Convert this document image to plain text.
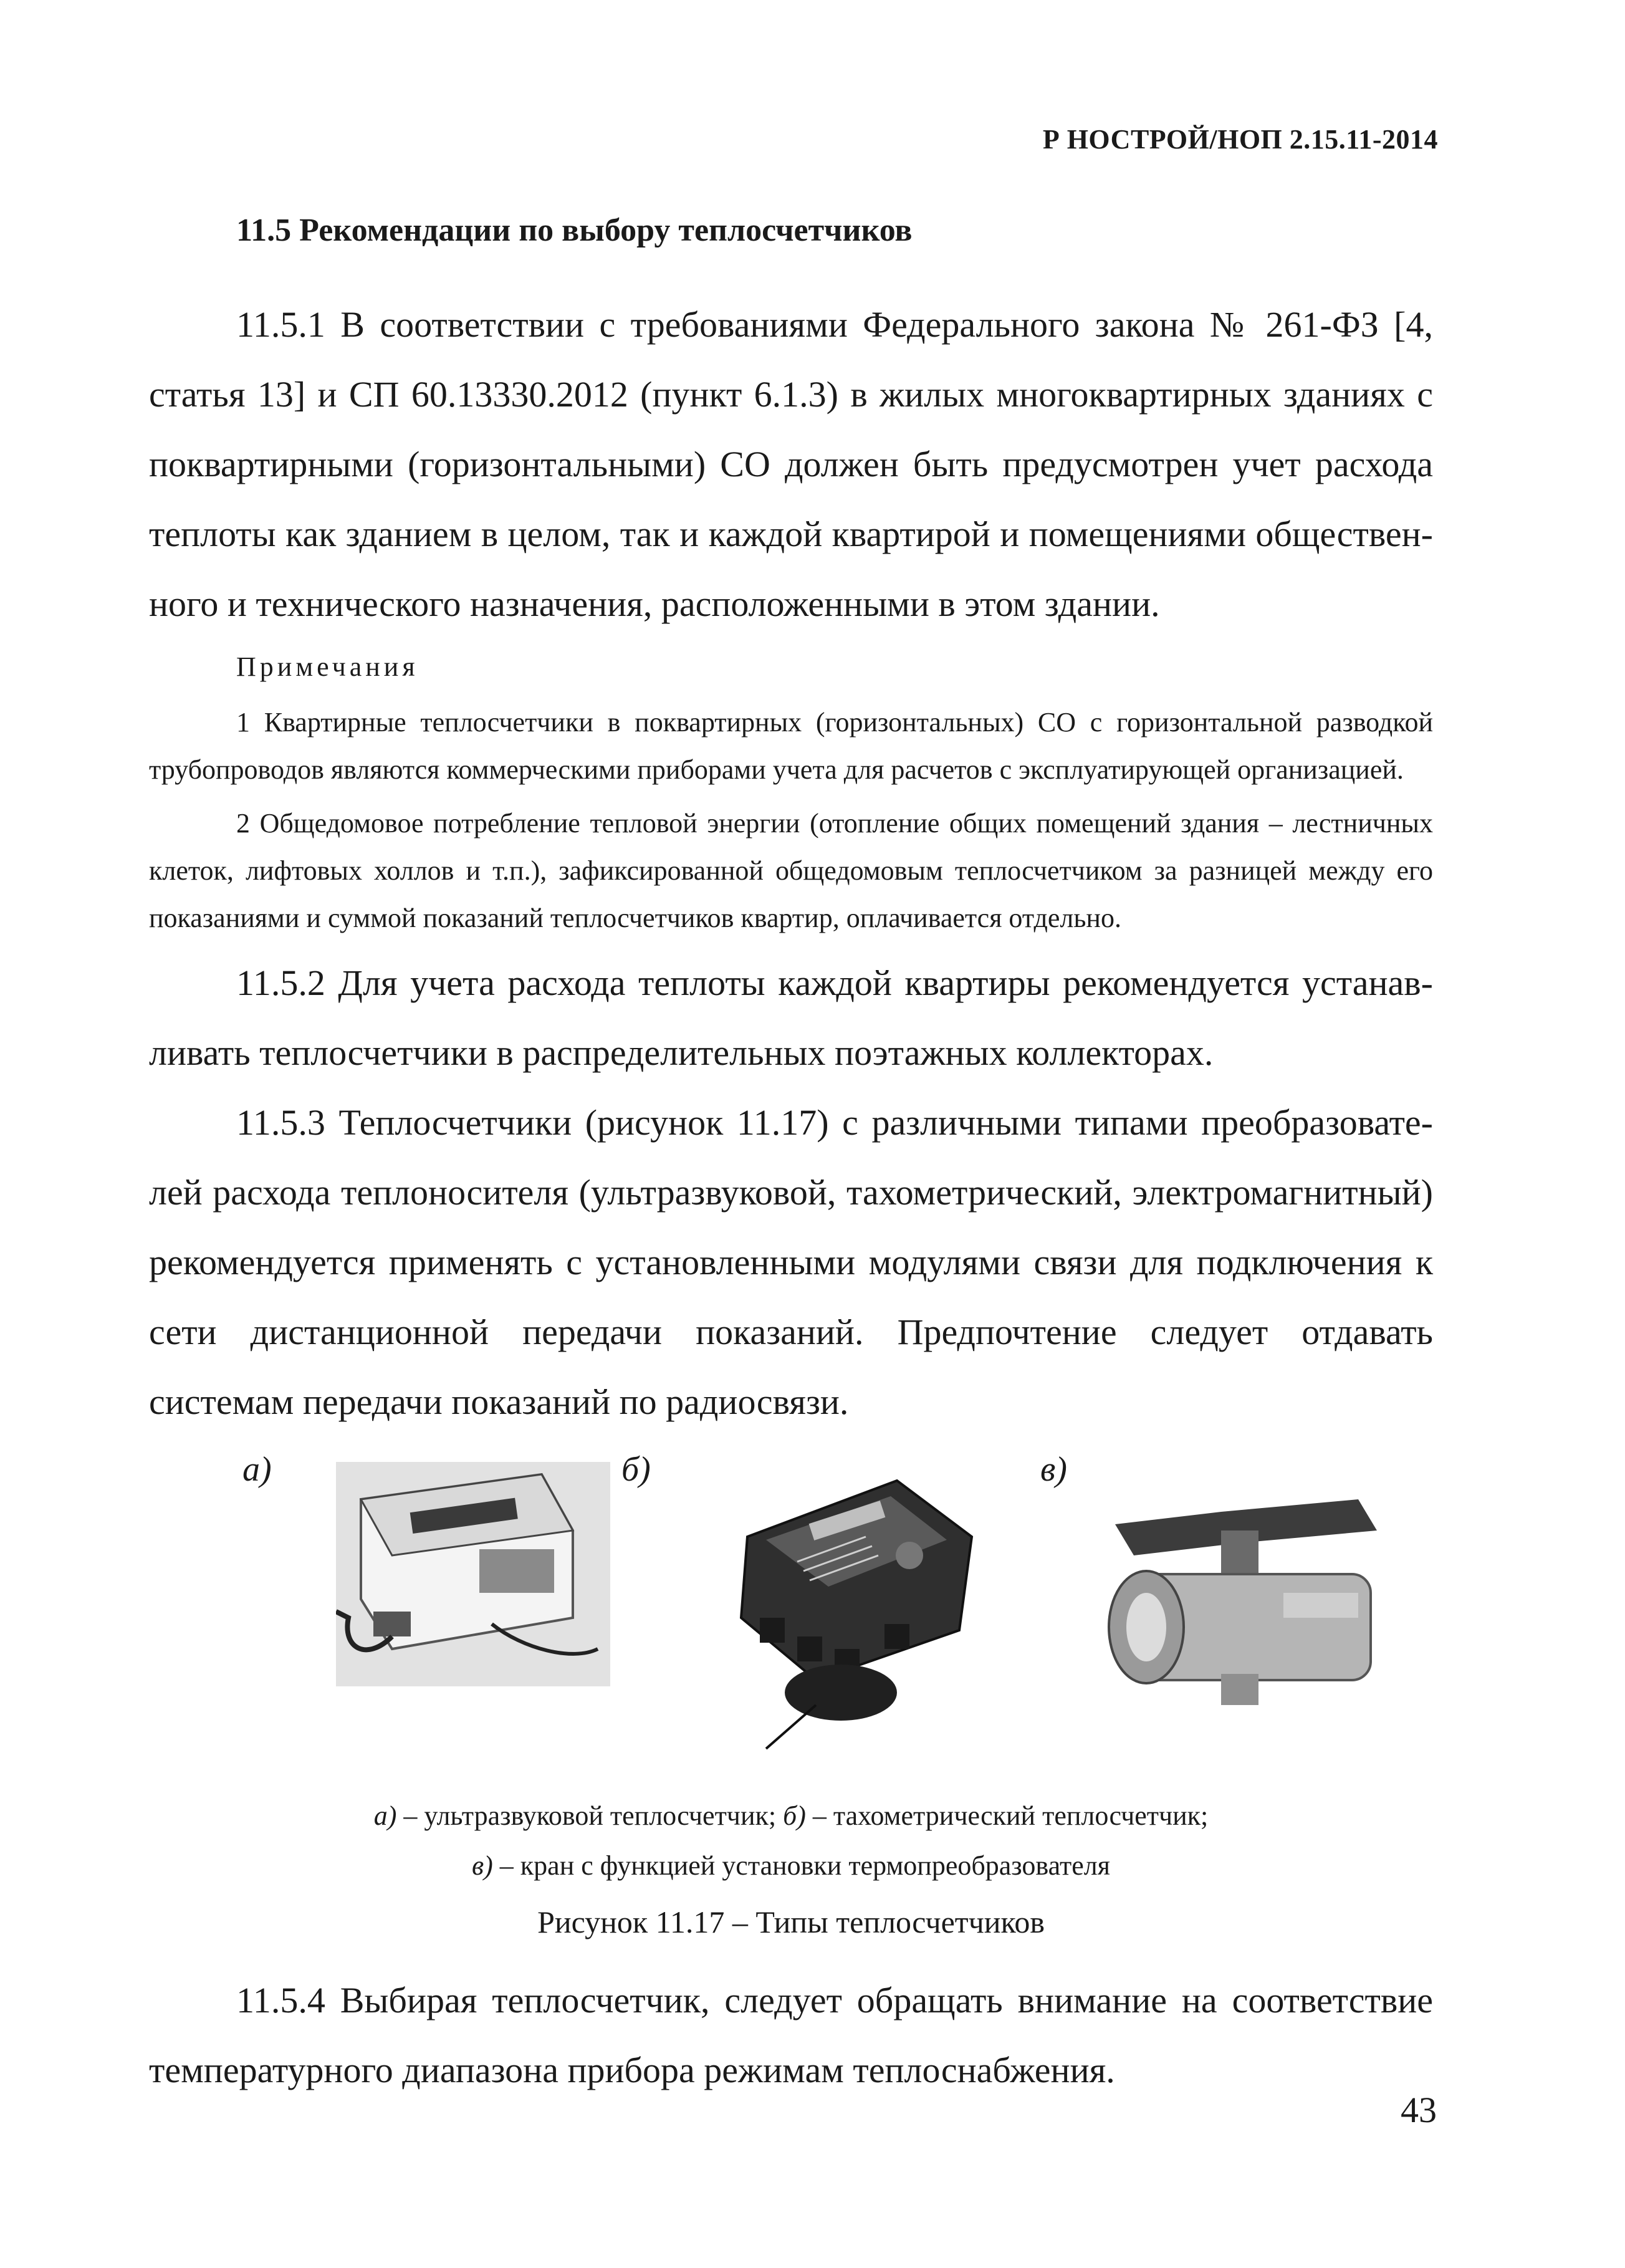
Р НОСТРОЙ/НОП 2.15.11-2014
11.5 Рекомендации по выбору теплосчетчиков

11.5.1 В соответствии с требованиями Федерального закона № 261-ФЗ [4, статья 13] и СП 60.13330.2012 (пункт 6.1.3) в жилых многоквартирных зданиях с поквартирными (горизонтальными) СО должен быть предусмотрен учет расхода теплоты как зданием в целом, так и каждой квартирой и помещениями общественного и технического назначения, расположенными в этом здании.

Примечания

1 Квартирные теплосчетчики в поквартирных (горизонтальных) СО с горизонтальной разводкой трубопроводов являются коммерческими приборами учета для расчетов с эксплуатирующей организацией.

2 Общедомовое потребление тепловой энергии (отопление общих помещений здания – лестничных клеток, лифтовых холлов и т.п.), зафиксированной общедомовым теплосчетчиком за разницей между его показаниями и суммой показаний теплосчетчиков квартир, оплачивается отдельно.

11.5.2 Для учета расхода теплоты каждой квартиры рекомендуется устанавливать теплосчетчики в распределительных поэтажных коллекторах.

11.5.3 Теплосчетчики (рисунок 11.17) с различными типами преобразователей расхода теплоносителя (ультразвуковой, тахометрический, электромагнитный) рекомендуется применять с установленными модулями связи для подключения к сети дистанционной передачи показаний. Предпочтение следует отдавать системам передачи показаний по радиосвязи.

а)	б)	в)
а) – ультразвуковой теплосчетчик; б) – тахометрический теплосчетчик;
в) – кран с функцией установки термопреобразователя
Рисунок 11.17 – Типы теплосчетчиков

11.5.4 Выбирая теплосчетчик, следует обращать внимание на соответствие температурного диапазона прибора режимам теплоснабжения.

43
